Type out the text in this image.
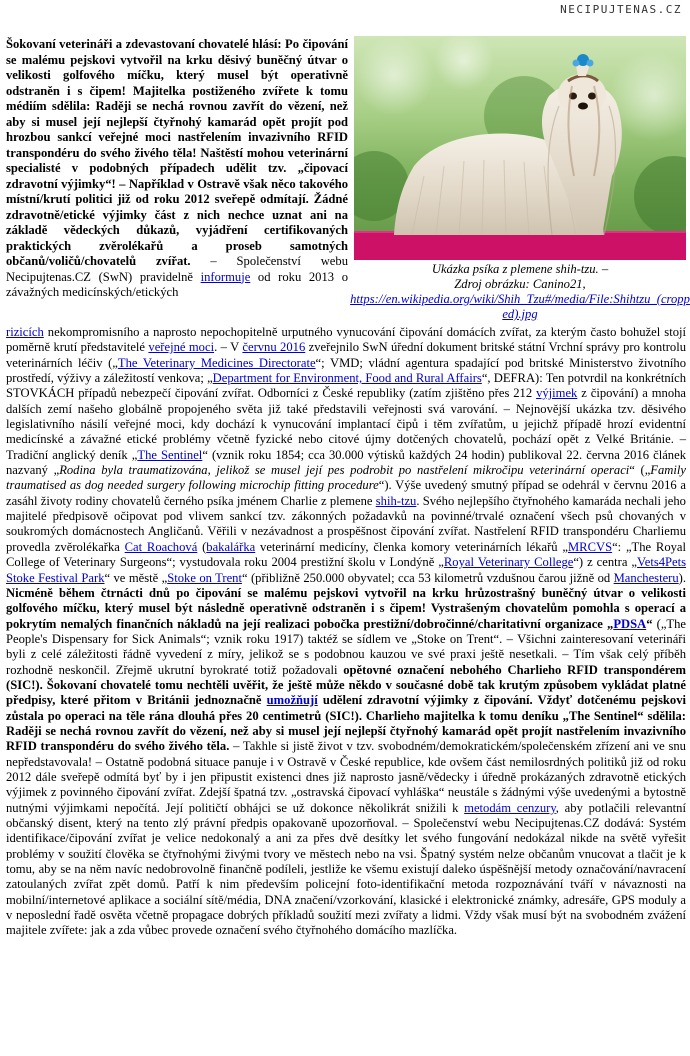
NECIPUJTENAS.CZ
Ukázka psíka z plemene shih-tzu. –
Zdroj obrázku: Canino21,
https://en.wikipedia.org/wiki/Shih_Tzu#/media/File:Shihtzu_(cropped).jpg
Šokovaní veterináři a zdevastovaní chovatelé hlásí: Po čipování se malému pejskovi vytvořil na krku děsivý bunĕčný útvar o velikosti golfového míčku, který musel být operativně odstraněn i s čipem! Majitelka postiženého zvířete k tomu médiím sdělila: Raději se nechá rovnou zavřít do vězení, než aby si musel její nejlepší čtyřnohý kamarád opět projít pod hrozbou sankcí veřejné moci nastřelením invazivního RFID transpondéru do svého živého těla! Naštěstí mohou veterinární specialisté v podobných případech udělit tzv. „čipovací zdravotní výjimky“! – Například v Ostravě však něco takového místní/krutí politici již od roku 2012 sveřepě odmítají. Žádné zdravotně/etické výjimky část z nich nechce uznat ani na základě vědeckých důkazů, vyjádření certifikovaných praktických zvěrolékařů a proseb samotných občanů/voličů/chovatelů zvířat. – Společenství webu Necipujtenas.CZ (SwN) pravidelně informuje od roku 2013 o závažných medicínských/etických
rizicích nekompromisního a naprosto nepochopitelně urputného vynucování čipování domácích zvířat, za kterým často bohužel stojí poměrně krutí představitelé veřejné moci. – V červnu 2016 zveřejnilo SwN úřední dokument britské státní Vrchní správy pro kontrolu veterinárních léčiv („The Veterinary Medicines Directorate“; VMD; vládní agentura spadající pod britské Ministerstvo životního prostředí, výživy a záležitostí venkova; „Department for Environment, Food and Rural Affairs“, DEFRA): Ten potvrdil na konkrétních STOVKÁCH případů nebezpečí čipování zvířat. Odborníci z České republiky (zatím zjištěno přes 212 výjimek z čipování) a mnoha dalších zemí našeho globálně propojeného světa již také představili veřejnosti svá varování. – Nejnovější ukázka tzv. děsivého legislativního násilí veřejné moci, kdy dochází k vynucování implantací čipů i těm zvířatům, u jejichž případě hrozí evidentní medicínské a závažné etické problémy včetně fyzické nebo citové újmy dotčených chovatelů, pochází opět z Velké Británie. – Tradiční anglický deník „The Sentinel“ (vznik roku 1854; cca 30.000 výtisků každých 24 hodin) publikoval 22. června 2016 článek nazvaný „Rodina byla traumatizována, jelikož se musel její pes podrobit po nastřelení mikročipu veterinární operaci“ („Family traumatised as dog needed surgery following microchip fitting procedure“). Výše uvedený smutný případ se odehrál v červnu 2016 a zasáhl životy rodiny chovatelů černého psíka jménem Charlie z plemene shih-tzu. Svého nejlepšího čtyřnohého kamaráda nechali jeho majitelé předpisově očipovat pod vlivem sankcí tzv. zákonných požadavků na povinné/trvalé označení všech psů chovaných v soukromých domácnostech Angličanů. Věřili v nezávadnost a prospěšnost čipování zvířat. Nastřelení RFID transpondéru Charliemu provedla zvěrolékařka Cat Roachová (bakalářka veterinární medicíny, členka komory veterinárních lékařů „MRCVS“: „The Royal College of Veterinary Surgeons“; vystudovala roku 2004 prestižní školu v Londýně „Royal Veterinary College“) z centra „Vets4Pets Stoke Festival Park“ ve městě „Stoke on Trent“ (přibližně 250.000 obyvatel; cca 53 kilometrů vzdušnou čarou jižně od Manchesteru). Nicméně během čtrnácti dnů po čipování se malému pejskovi vytvořil na krku hrůzostrašný buněčný útvar o velikosti golfového míčku, který musel být následně operativně odstraněn i s čipem! Vystrašeným chovatelům pomohla s operací a pokrytím nemalých finančních nákladů na její realizaci pobočka prestižní/dobročinné/charitativní organizace „PDSA“ („The People's Dispensary for Sick Animals“; vznik roku 1917) taktéž se sídlem ve „Stoke on Trent“. – Všichni zainteresovaní veterináři byli z celé záležitosti řádně vyvedení z míry, jelikož se s podobnou kauzou ve své praxi ještě nesetkali. – Tím však celý příběh rozhodně neskončil. Zřejmě ukrutní byrokraté totiž požadovali opětovné označení nebohého Charlieho RFID transpondérem (SIC!). Šokovaní chovatelé tomu nechtěli uvěřit, že ještě může někdo v současné době tak krutým způsobem vykládat platné předpisy, které přitom v Británii jednoznačně umožňují udělení zdravotní výjimky z čipování. Vždyť dotčenému pejskovi zůstala po operaci na těle rána dlouhá přes 20 centimetrů (SIC!). Charlieho majitelka k tomu deníku „The Sentinel“ sdělila: Raději se nechá rovnou zavřít do vězení, než aby si musel její nejlepší čtyřnohý kamarád opět projít nastřelením invazivního RFID transpondéru do svého živého těla. – Takhle si jistě život v tzv. svobodném/demokratickém/společenském zřízení ani ve snu nepředstavovala! – Ostatně podobná situace panuje i v Ostravě v České republice, kde ovšem část nemilosrdných politiků již od roku 2012 dále sveřepě odmítá byť by i jen připustit existenci dnes již naprosto jasně/vědecky i úředně prokázaných zdravotně etických výjimek z povinného čipování zvířat. Zdejší špatná tzv. „ostravská čipovací vyhláška“ neustále s žádnými výše uvedenými a bytostně nutnými výjimkami nepočítá. Její političtí obhájci se už dokonce několikrát snižili k metodám cenzury, aby potlačili relevantní občanský disent, který na tento zlý právní předpis opakovaně upozorňoval. – Společenství webu Necipujtenas.CZ dodává: Systém identifikace/čipování zvířat je velice nedokonalý a ani za přes dvě desítky let svého fungování nedokázal nikde na světě vyřešit problémy v soužití člověka se čtyřnohými živými tvory ve městech nebo na vsi. Špatný systém nelze občanům vnucovat a tlačit je k tomu, aby se na něm navíc nedobrovolně finančně podíleli, jestliže ke všemu existují daleko úspěšnější metody označování/navracení zatoulaných zvířat zpět domů. Patří k nim především policejní foto-identifikační metoda rozpoznávání tváří v návaznosti na mobilní/internetové aplikace a sociální sítě/média, DNA značení/vzorkování, klasické i elektronické známky, adresáře, GPS moduly a v neposlední řadě osvěta včetně propagace dobrých příkladů soužití mezi zvířaty a lidmi. Vždy však musí být na svobodném zvážení majitele zvířete: jak a zda vůbec provede označení svého čtyřnohého domácího mazlíčka.
